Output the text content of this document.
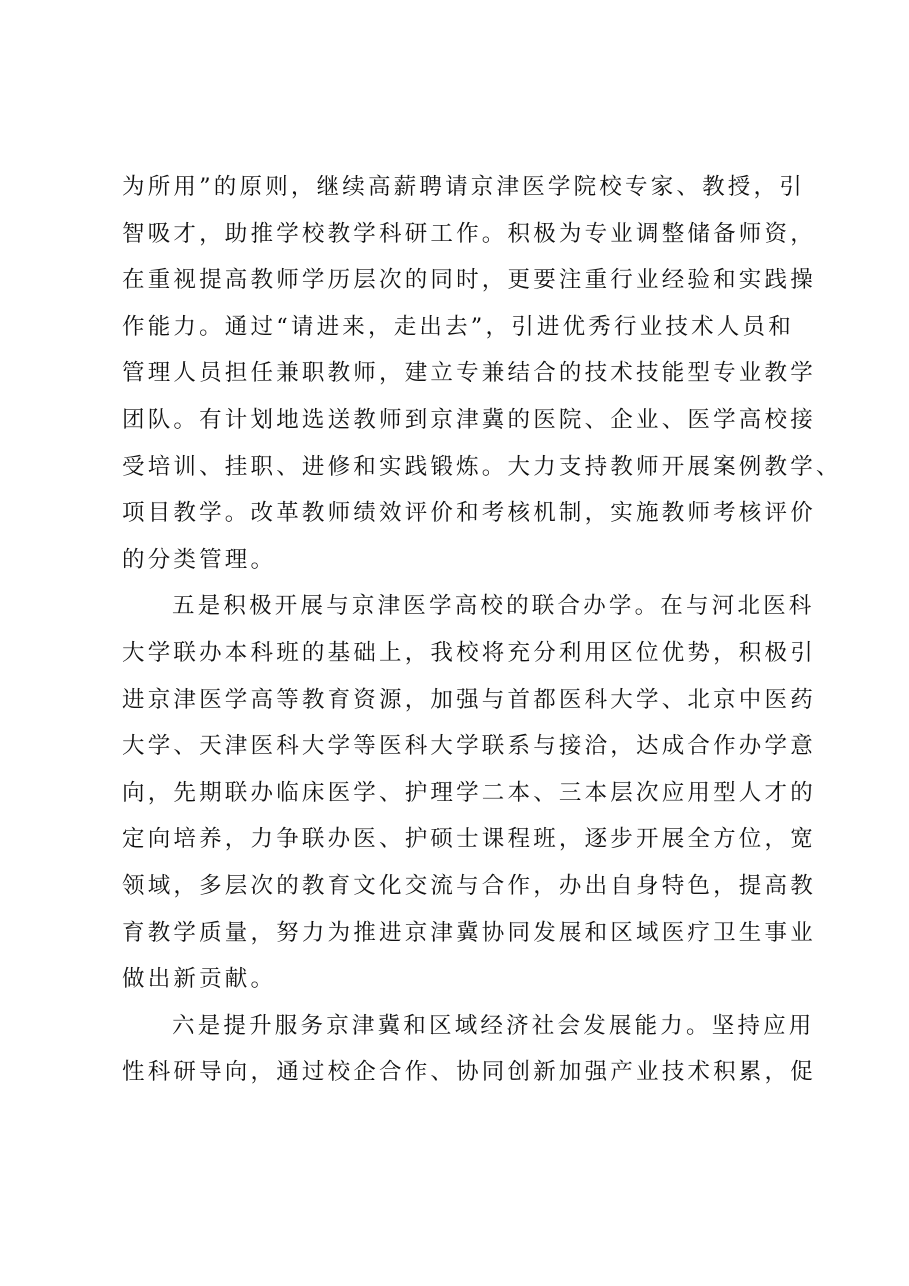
为所用”的原则，继续高薪聘请京津医学院校专家、教授，引
智吸才，助推学校教学科研工作。积极为专业调整储备师资，
在重视提高教师学历层次的同时，更要注重行业经验和实践操
作能力。通过“请进来，走出去”，引进优秀行业技术人员和
管理人员担任兼职教师，建立专兼结合的技术技能型专业教学
团队。有计划地选送教师到京津冀的医院、企业、医学高校接
受培训、挂职、进修和实践锻炼。大力支持教师开展案例教学、
项目教学。改革教师绩效评价和考核机制，实施教师考核评价
的分类管理。
五是积极开展与京津医学高校的联合办学。在与河北医科
大学联办本科班的基础上，我校将充分利用区位优势，积极引
进京津医学高等教育资源，加强与首都医科大学、北京中医药
大学、天津医科大学等医科大学联系与接洽，达成合作办学意
向，先期联办临床医学、护理学二本、三本层次应用型人才的
定向培养，力争联办医、护硕士课程班，逐步开展全方位，宽
领域，多层次的教育文化交流与合作，办出自身特色，提高教
育教学质量，努力为推进京津冀协同发展和区域医疗卫生事业
做出新贡献。
六是提升服务京津冀和区域经济社会发展能力。坚持应用
性科研导向，通过校企合作、协同创新加强产业技术积累，促
